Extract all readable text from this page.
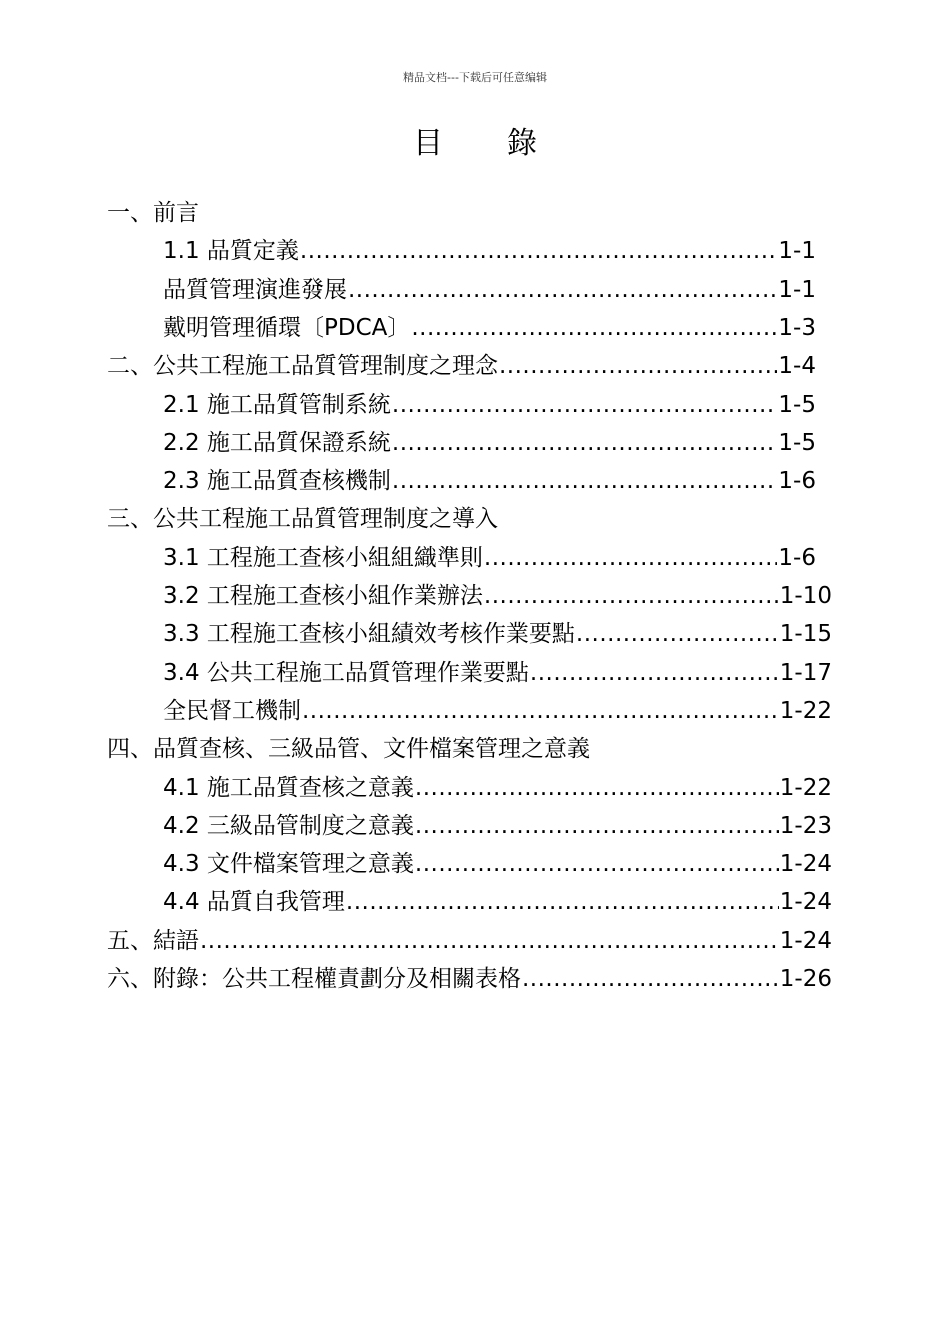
精品文档---下载后可任意编辑
目錄
一、前言
1.1 品質定義 .....	1-1
品質管理演進發展 .....	1-1
戴明管理循環〔PDCA〕 .....	1-3
二、公共工程施工品質管理制度之理念 .....	1-4
2.1 施工品質管制系統 .....	1-5
2.2 施工品質保證系統 .....	1-5
2.3 施工品質查核機制 .....	1-6
三、公共工程施工品質管理制度之導入
3.1 工程施工查核小組組織準則 .....	1-6
3.2 工程施工查核小組作業辦法 .....	1-10
3.3 工程施工查核小組績效考核作業要點 .....	1-15
3.4 公共工程施工品質管理作業要點 .....	1-17
全民督工機制 .....	1-22
四、品質查核、三級品管、文件檔案管理之意義
4.1 施工品質查核之意義 .....	1-22
4.2 三級品管制度之意義 .....	1-23
4.3 文件檔案管理之意義 .....	1-24
4.4 品質自我管理 .....	1-24
五、結語 .....	1-24
六、附錄：公共工程權責劃分及相關表格 .....	1-26
